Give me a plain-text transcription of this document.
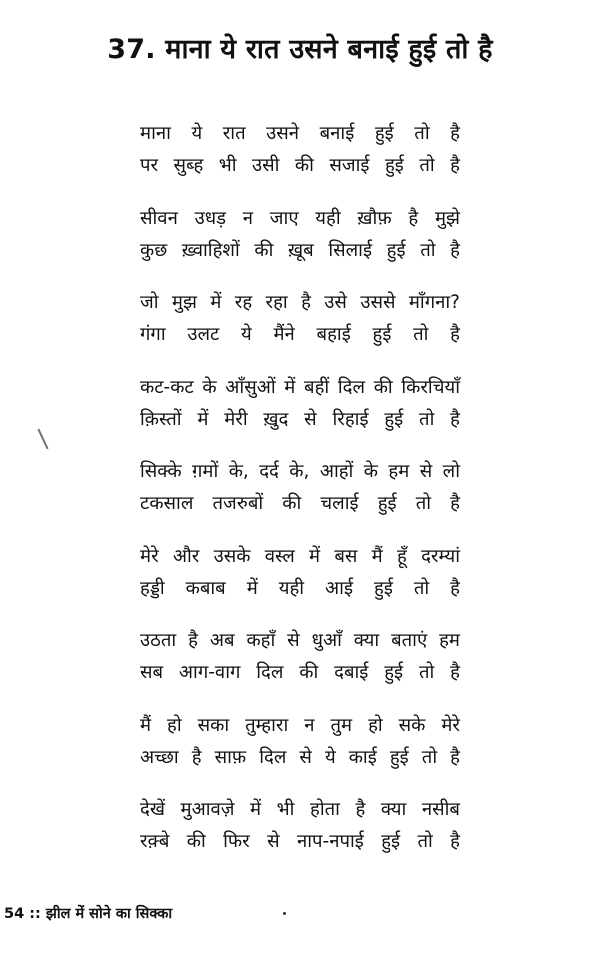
37. माना ये रात उसने बनाई हुई तो है
माना ये रात उसने बनाई हुई तो है
पर सुब्ह भी उसी की सजाई हुई तो है
सीवन उधड़ न जाए यही ख़ौफ़ है मुझे
कुछ ख़्वाहिशों की ख़ूब सिलाई हुई तो है
जो मुझ में रह रहा है उसे उससे माँगना?
गंगा उलट ये मैंने बहाई हुई तो है
कट-कट के आँसुओं में बहीं दिल की किरचियाँ
क़िस्तों में मेरी ख़ुद से रिहाई हुई तो है
सिक्के ग़मों के, दर्द के, आहों के हम से लो
टकसाल तजरुबों की चलाई हुई तो है
मेरे और उसके वस्ल में बस मैं हूँ दरम्यां
हड्डी कबाब में यही आई हुई तो है
उठता है अब कहाँ से धुआँ क्या बताएं हम
सब आग-वाग दिल की दबाई हुई तो है
मैं हो सका तुम्हारा न तुम हो सके मेरे
अच्छा है साफ़ दिल से ये काई हुई तो है
देखें मुआवज़े में भी होता है क्या नसीब
रक़्बे की फिर से नाप-नपाई हुई तो है
54 :: झील में सोने का सिक्का
